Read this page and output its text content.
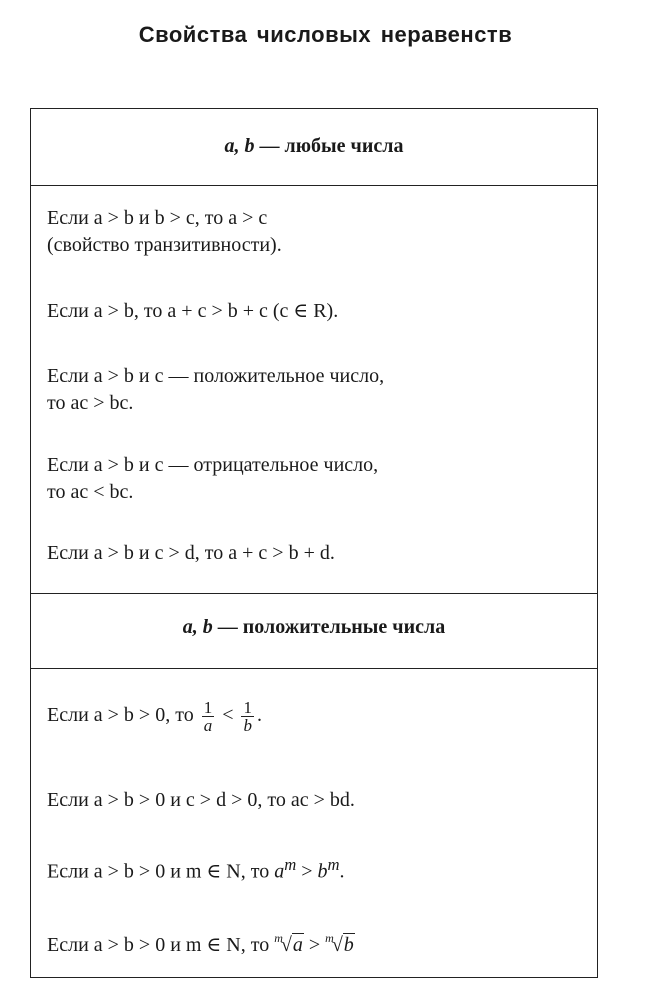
Свойства числовых неравенств
a, b — любые числа
Если a > b и b > c, то a > c
(свойство транзитивности).
Если a > b, то a + c > b + c (c ∈ R).
Если a > b и c — положительное число,
то ac > bc.
Если a > b и c — отрицательное число,
то ac < bc.
Если a > b и c > d, то a + c > b + d.
a, b — положительные числа
Если a > b > 0, то $\frac{1}{a} < \frac{1}{b}$ .
Если a > b > 0 и c > d > 0, то ac > bd.
Если a > b > 0 и m ∈ N, то $a^m > b^m$.
Если a > b > 0 и m ∈ N, то $^m$√a > $^m$√b
